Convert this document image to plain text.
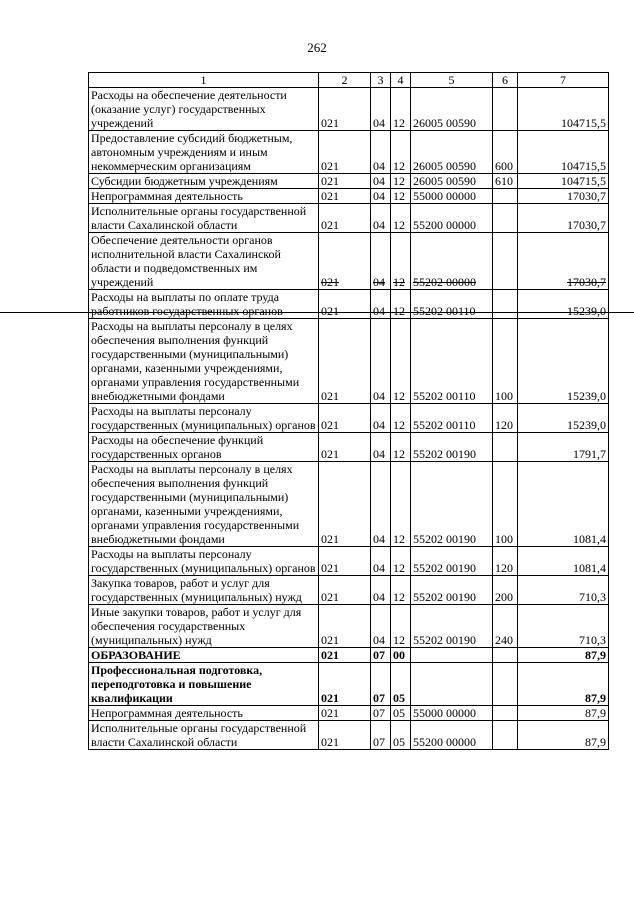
262
1	2	3	4	5	6	7
Расходы на обеспечение деятельности (оказание услуг) государственных учреждений	021	04	12	26005 00590		104715,5
Предоставление субсидий бюджетным, автономным учреждениям и иным некоммерческим организациям	021	04	12	26005 00590	600	104715,5
Субсидии бюджетным учреждениям	021	04	12	26005 00590	610	104715,5
Непрограммная деятельность	021	04	12	55000 00000		17030,7
Исполнительные органы государственной власти Сахалинской области	021	04	12	55200 00000		17030,7
Обеспечение деятельности органов исполнительной власти Сахалинской области и подведомственных им учреждений	021	04	12	55202 00000		17030,7
Расходы на выплаты по оплате труда работников государственных органов	021	04	12	55202 00110		15239,0
Расходы на выплаты персоналу в целях обеспечения выполнения функций государственными (муниципальными) органами, казенными учреждениями, органами управления государственными внебюджетными фондами	021	04	12	55202 00110	100	15239,0
Расходы на выплаты персоналу государственных (муниципальных) органов	021	04	12	55202 00110	120	15239,0
Расходы на обеспечение функций государственных органов	021	04	12	55202 00190		1791,7
Расходы на выплаты персоналу в целях обеспечения выполнения функций государственными (муниципальными) органами, казенными учреждениями, органами управления государственными внебюджетными фондами	021	04	12	55202 00190	100	1081,4
Расходы на выплаты персоналу государственных (муниципальных) органов	021	04	12	55202 00190	120	1081,4
Закупка товаров, работ и услуг для государственных (муниципальных) нужд	021	04	12	55202 00190	200	710,3
Иные закупки товаров, работ и услуг для обеспечения государственных (муниципальных) нужд	021	04	12	55202 00190	240	710,3
ОБРАЗОВАНИЕ	021	07	00			87,9
Профессиональная подготовка, переподготовка и повышение квалификации	021	07	05			87,9
Непрограммная деятельность	021	07	05	55000 00000		87,9
Исполнительные органы государственной власти Сахалинской области	021	07	05	55200 00000		87,9
